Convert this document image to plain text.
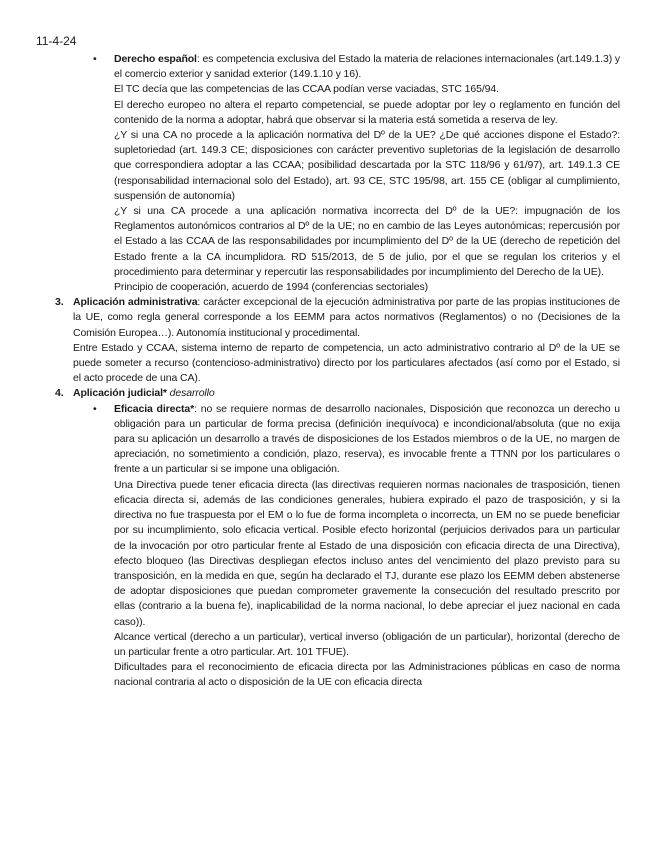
11-4-24
• Derecho español: es competencia exclusiva del Estado la materia de relaciones internacionales (art.149.1.3) y el comercio exterior y sanidad exterior (149.1.10 y 16).

El TC decía que las competencias de las CCAA podían verse vaciadas, STC 165/94.

El derecho europeo no altera el reparto competencial, se puede adoptar por ley o reglamento en función del contenido de la norma a adoptar, habrá que observar si la materia está sometida a reserva de ley.

¿Y si una CA no procede a la aplicación normativa del Dº de la UE? ¿De qué acciones dispone el Estado?: supletoriedad (art. 149.3 CE; disposiciones con carácter preventivo supletorias de la legislación de desarrollo que correspondiera adoptar a las CCAA; posibilidad descartada por la STC 118/96 y 61/97), art. 149.1.3 CE (responsabilidad internacional solo del Estado), art. 93 CE, STC 195/98, art. 155 CE (obligar al cumplimiento, suspensión de autonomía)

¿Y si una CA procede a una aplicación normativa incorrecta del Dº de la UE?: impugnación de los Reglamentos autonómicos contrarios al Dº de la UE; no en cambio de las Leyes autonómicas; repercusión por el Estado a las CCAA de las responsabilidades por incumplimiento del Dº de la UE (derecho de repetición del Estado frente a la CA incumplidora. RD 515/2013, de 5 de julio, por el que se regulan los criterios y el procedimiento para determinar y repercutir las responsabilidades por incumplimiento del Derecho de la UE).

Principio de cooperación, acuerdo de 1994 (conferencias sectoriales)

3. Aplicación administrativa: carácter excepcional de la ejecución administrativa por parte de las propias instituciones de la UE, como regla general corresponde a los EEMM para actos normativos (Reglamentos) o no (Decisiones de la Comisión Europea…). Autonomía institucional y procedimental.

Entre Estado y CCAA, sistema interno de reparto de competencia, un acto administrativo contrario al Dº de la UE se puede someter a recurso (contencioso-administrativo) directo por los particulares afectados (así como por el Estado, si el acto procede de una CA).

4. Aplicación judicial* desarrollo

• Eficacia directa*: no se requiere normas de desarrollo nacionales, Disposición que reconozca un derecho u obligación para un particular de forma precisa (definición inequívoca) e incondicional/absoluta (que no exija para su aplicación un desarrollo a través de disposiciones de los Estados miembros o de la UE, no margen de apreciación, no sometimiento a condición, plazo, reserva), es invocable frente a TTNN por los particulares o frente a un particular si se impone una obligación.

Una Directiva puede tener eficacia directa (las directivas requieren normas nacionales de trasposición, tienen eficacia directa si, además de las condiciones generales, hubiera expirado el pazo de trasposición, y si la directiva no fue traspuesta por el EM o lo fue de forma incompleta o incorrecta, un EM no se puede beneficiar por su incumplimiento, solo eficacia vertical. Posible efecto horizontal (perjuicios derivados para un particular de la invocación por otro particular frente al Estado de una disposición con eficacia directa de una Directiva), efecto bloqueo (las Directivas despliegan efectos incluso antes del vencimiento del plazo previsto para su transposición, en la medida en que, según ha declarado el TJ, durante ese plazo los EEMM deben abstenerse de adoptar disposiciones que puedan comprometer gravemente la consecución del resultado prescrito por ellas (contrario a la buena fe), inaplicabilidad de la norma nacional, lo debe apreciar el juez nacional en cada caso)).

Alcance vertical (derecho a un particular), vertical inverso (obligación de un particular), horizontal (derecho de un particular frente a otro particular. Art. 101 TFUE).

Dificultades para el reconocimiento de eficacia directa por las Administraciones públicas en caso de norma nacional contraria al acto o disposición de la UE con eficacia directa
